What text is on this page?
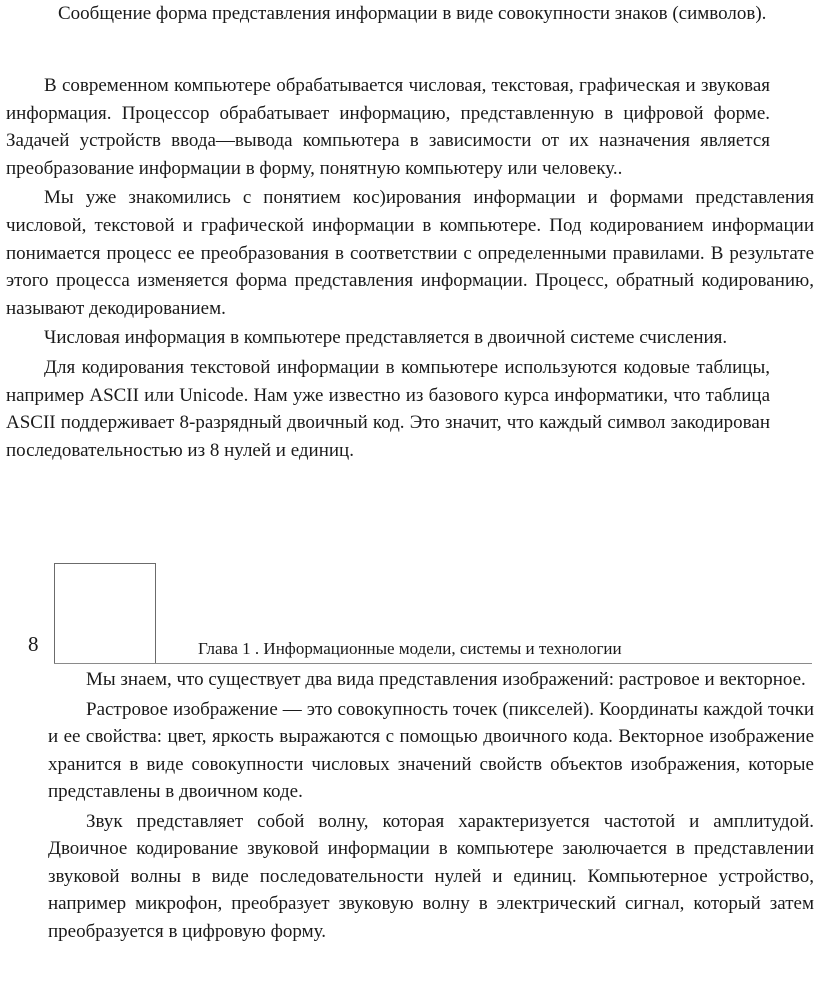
Сообщение форма представления информации в виде совокупности знаков (символов).

В современном компьютере обрабатывается числовая, текстовая, графическая и звуковая информация. Процессор обрабатывает информацию, представленную в цифровой форме. Задачей устройств ввода—вывода компьютера в зависимости от их назначения является преобразование информации в форму, понятную компьютеру или человеку..

Мы уже знакомились с понятием кос)ирования информации и формами представления числовой, текстовой и графической информации в компьютере. Под кодированием информации понимается процесс ее преобразования в соответствии с определенными правилами. В результате этого процесса изменяется форма представления информации. Процесс, обратный кодированию, называют декодированием.

Числовая информация в компьютере представляется в двоичной системе счисления.

Для кодирования текстовой информации в компьютере используются кодовые таблицы, например ASCII или Unicode. Нам уже известно из базового курса информатики, что таблица ASCII поддерживает 8-разрядный двоичный код. Это значит, что каждый символ закодирован последовательностью из 8 нулей и единиц.

8	Глава 1 . Информационные модели, системы и технологии

Мы знаем, что существует два вида представления изображений: растровое и векторное.

Растровое изображение — это совокупность точек (пикселей). Координаты каждой точки и ее свойства: цвет, яркость выражаются с помощью двоичного кода. Векторное изображение хранится в виде совокупности числовых значений свойств объектов изображения, которые представлены в двоичном коде.

Звук представляет собой волну, которая характеризуется частотой и амплитудой. Двоичное кодирование звуковой информации в компьютере заюлючается в представлении звуковой волны в виде последовательности нулей и единиц. Компьютерное устройство, например микрофон, преобразует звуковую волну в электрический сигнал, который затем преобразуется в цифровую форму.
